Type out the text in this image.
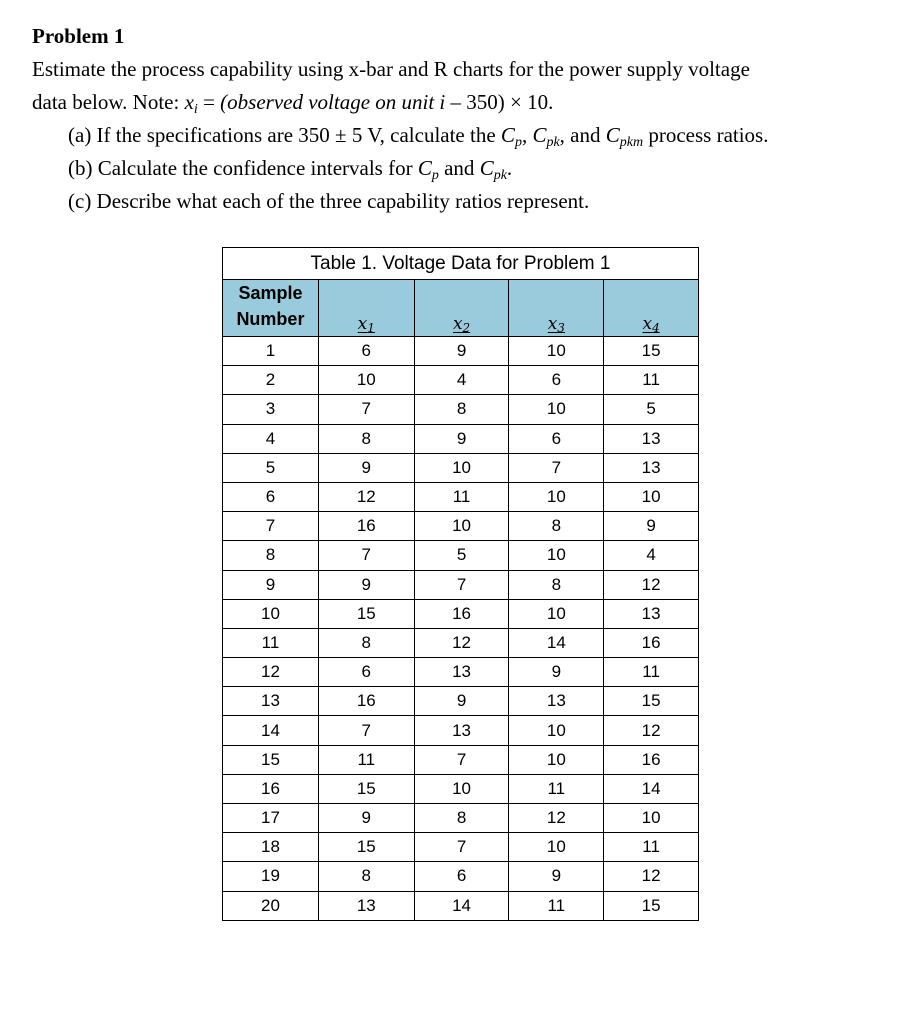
Problem 1

Estimate the process capability using x-bar and R charts for the power supply voltage

data below. Note: $x_i$ = (observed voltage on unit i – 350) × 10.

(a) If the specifications are 350 ± 5 V, calculate the $C_p$, $C_{pk}$, and $C_{pkm}$ process ratios.

(b) Calculate the confidence intervals for $C_p$ and $C_{pk}$.

(c) Describe what each of the three capability ratios represent.

Table 1. Voltage Data for Problem 1				
Sample
Number	$x_1$	$x_2$	$x_3$	$x_4$
1	6	9	10	15
2	10	4	6	11
3	7	8	10	5
4	8	9	6	13
5	9	10	7	13
6	12	11	10	10
7	16	10	8	9
8	7	5	10	4
9	9	7	8	12
10	15	16	10	13
11	8	12	14	16
12	6	13	9	11
13	16	9	13	15
14	7	13	10	12
15	11	7	10	16
16	15	10	11	14
17	9	8	12	10
18	15	7	10	11
19	8	6	9	12
20	13	14	11	15
